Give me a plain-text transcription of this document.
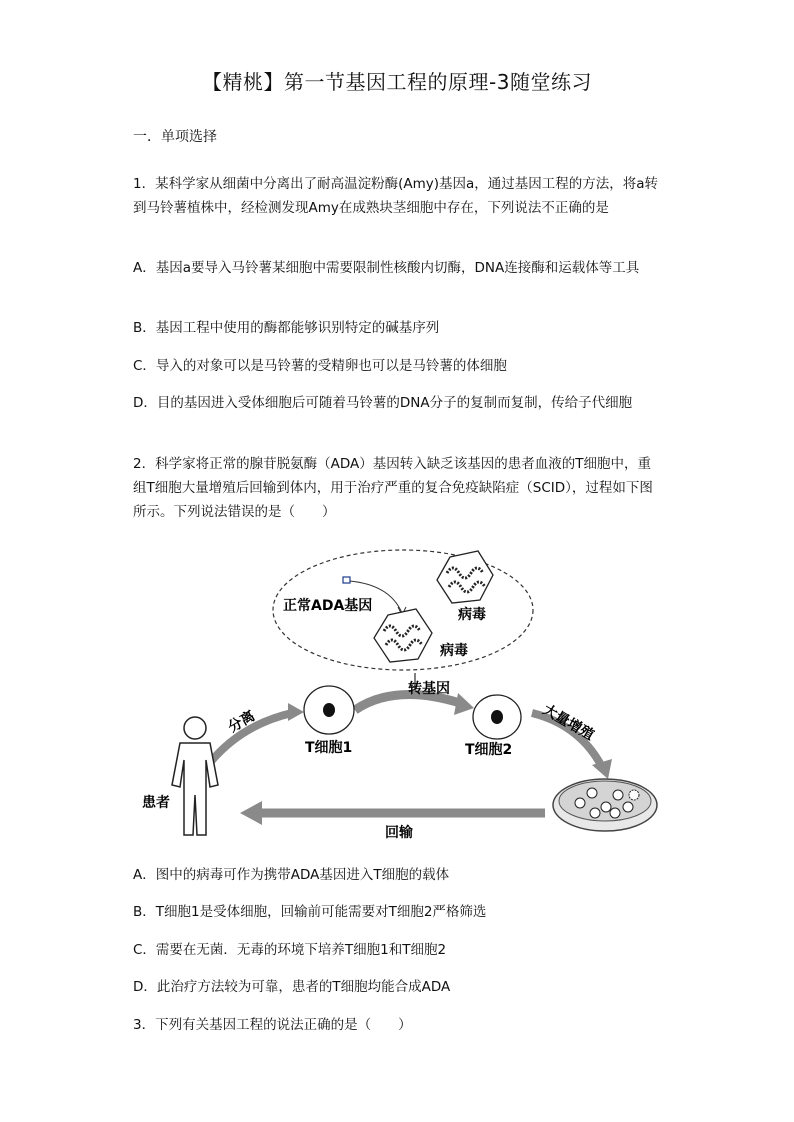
【精桃】第一节基因工程的原理-3随堂练习
一．单项选择
1．某科学家从细菌中分离出了耐高温淀粉酶(Amy)基因a，通过基因工程的方法，将a转到马铃薯植株中，经检测发现Amy在成熟块茎细胞中存在，下列说法不正确的是
A．基因a要导入马铃薯某细胞中需要限制性核酸内切酶，DNA连接酶和运载体等工具
B．基因工程中使用的酶都能够识别特定的碱基序列
C．导入的对象可以是马铃薯的受精卵也可以是马铃薯的体细胞
D．目的基因进入受体细胞后可随着马铃薯的DNA分子的复制而复制，传给子代细胞
2．科学家将正常的腺苷脱氨酶（ADA）基因转入缺乏该基因的患者血液的T细胞中，重组T细胞大量增殖后回输到体内，用于治疗严重的复合免疫缺陷症（SCID），过程如下图所示。下列说法错误的是（　　）
正常ADA基因
病毒
病毒
转基因
T细胞1	T细胞2
分离	大量增殖
回输
患者
A．图中的病毒可作为携带ADA基因进入T细胞的载体
B．T细胞1是受体细胞，回输前可能需要对T细胞2严格筛选
C．需要在无菌．无毒的环境下培养T细胞1和T细胞2
D．此治疗方法较为可靠，患者的T细胞均能合成ADA
3．下列有关基因工程的说法正确的是（　　）
